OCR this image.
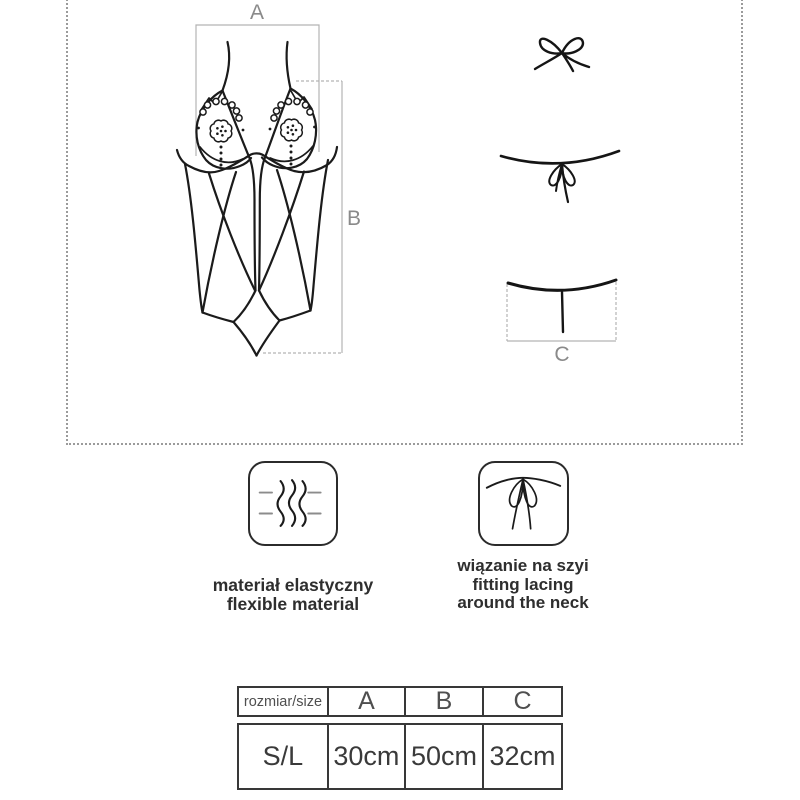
A
B
C
materiał elastyczny
flexible material
wiązanie na szyi
fitting lacing
around the neck
rozmiar/size	A	B	C
S/L	30cm 50cm 32cm
